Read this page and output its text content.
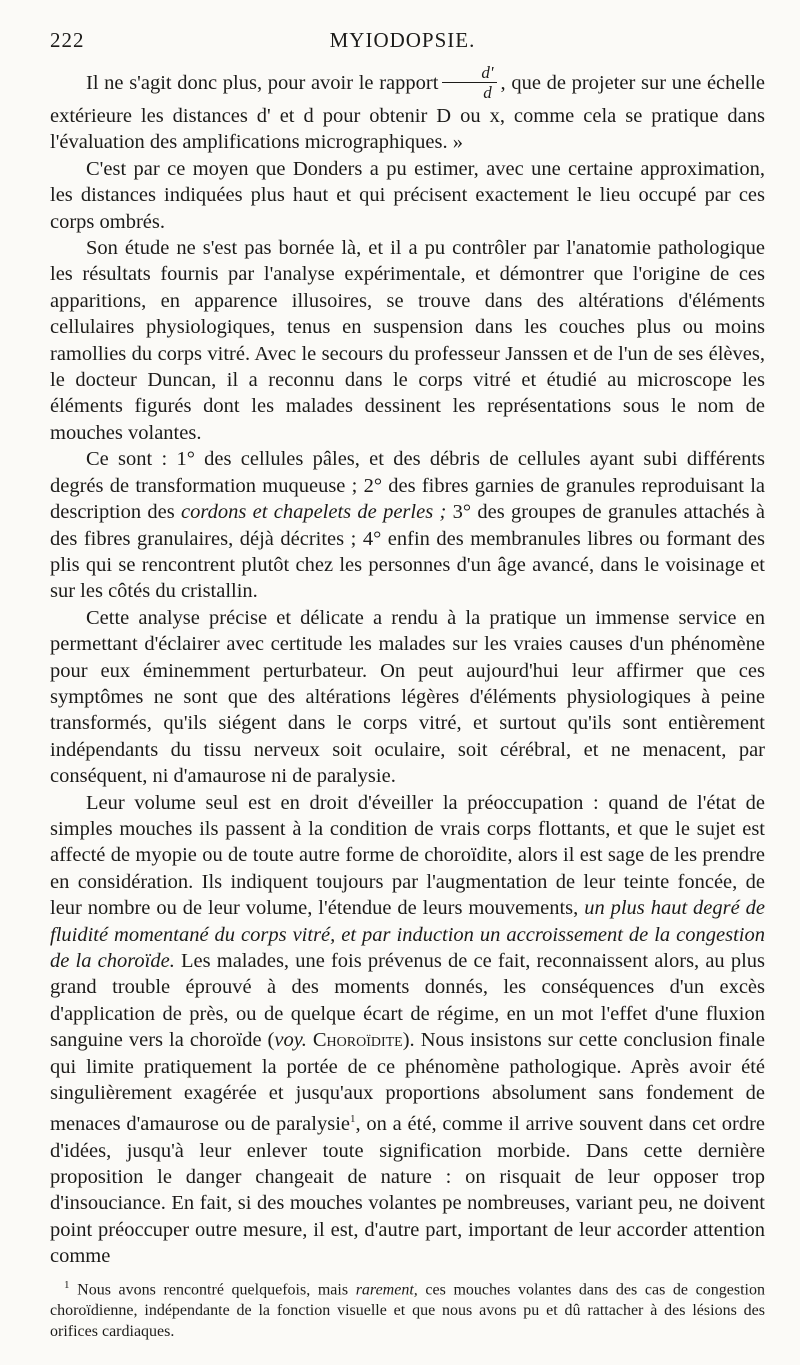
222	MYIODOPSIE.

Il ne s'agit donc plus, pour avoir le rapport $\frac{d'}{d}$ , que de projeter sur une échelle extérieure les distances d' et d pour obtenir D ou x, comme cela se pratique dans l'évaluation des amplifications micrographiques. »

C'est par ce moyen que Donders a pu estimer, avec une certaine approximation, les distances indiquées plus haut et qui précisent exactement le lieu occupé par ces corps ombrés.

Son étude ne s'est pas bornée là, et il a pu contrôler par l'anatomie pathologique les résultats fournis par l'analyse expérimentale, et démontrer que l'origine de ces apparitions, en apparence illusoires, se trouve dans des altérations d'éléments cellulaires physiologiques, tenus en suspension dans les couches plus ou moins ramollies du corps vitré. Avec le secours du professeur Janssen et de l'un de ses élèves, le docteur Duncan, il a reconnu dans le corps vitré et étudié au microscope les éléments figurés dont les malades dessinent les représentations sous le nom de mouches volantes.

Ce sont : 1° des cellules pâles, et des débris de cellules ayant subi différents degrés de transformation muqueuse ; 2° des fibres garnies de granules reproduisant la description des cordons et chapelets de perles ; 3° des groupes de granules attachés à des fibres granulaires, déjà décrites ; 4° enfin des membranules libres ou formant des plis qui se rencontrent plutôt chez les personnes d'un âge avancé, dans le voisinage et sur les côtés du cristallin.

Cette analyse précise et délicate a rendu à la pratique un immense service en permettant d'éclairer avec certitude les malades sur les vraies causes d'un phénomène pour eux éminemment perturbateur. On peut aujourd'hui leur affirmer que ces symptômes ne sont que des altérations légères d'éléments physiologiques à peine transformés, qu'ils siégent dans le corps vitré, et surtout qu'ils sont entièrement indépendants du tissu nerveux soit oculaire, soit cérébral, et ne menacent, par conséquent, ni d'amaurose ni de paralysie.

Leur volume seul est en droit d'éveiller la préoccupation : quand de l'état de simples mouches ils passent à la condition de vrais corps flottants, et que le sujet est affecté de myopie ou de toute autre forme de choroïdite, alors il est sage de les prendre en considération. Ils indiquent toujours par l'augmentation de leur teinte foncée, de leur nombre ou de leur volume, l'étendue de leurs mouvements, un plus haut degré de fluidité momentané du corps vitré, et par induction un accroissement de la congestion de la choroïde. Les malades, une fois prévenus de ce fait, reconnaissent alors, au plus grand trouble éprouvé à des moments donnés, les conséquences d'un excès d'application de près, ou de quelque écart de régime, en un mot l'effet d'une fluxion sanguine vers la choroïde (voy. Choroïdite). Nous insistons sur cette conclusion finale qui limite pratiquement la portée de ce phénomène pathologique. Après avoir été singulièrement exagérée et jusqu'aux proportions absolument sans fondement de menaces d'amaurose ou de paralysie$^1$, on a été, comme il arrive souvent dans cet ordre d'idées, jusqu'à leur enlever toute signification morbide. Dans cette dernière proposition le danger changeait de nature : on risquait de leur opposer trop d'insouciance. En fait, si des mouches volantes pe nombreuses, variant peu, ne doivent point préoccuper outre mesure, il est, d'autre part, important de leur accorder attention comme

$^1$ Nous avons rencontré quelquefois, mais rarement, ces mouches volantes dans des cas de congestion choroïdienne, indépendante de la fonction visuelle et que nous avons pu et dû rattacher à des lésions des orifices cardiaques.
